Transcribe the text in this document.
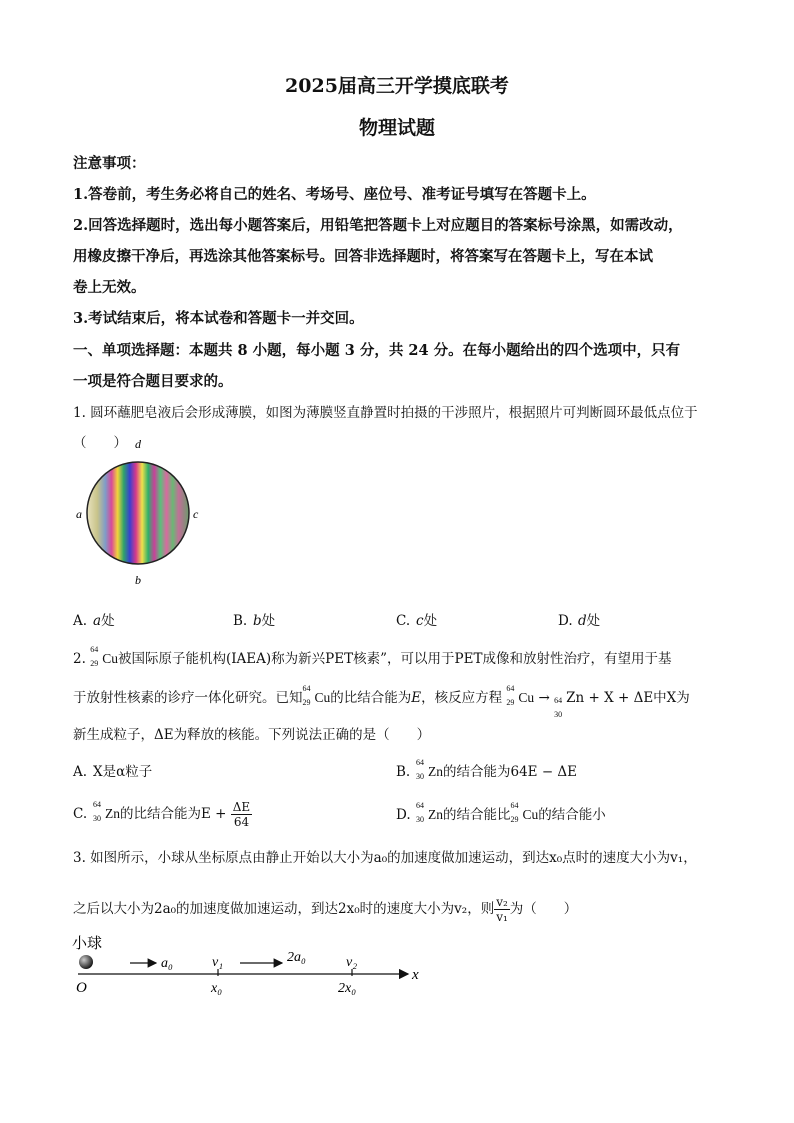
2025届高三开学摸底联考
物理试题
注意事项：
1.答卷前，考生务必将自己的姓名、考场号、座位号、准考证号填写在答题卡上。
2.回答选择题时，选出每小题答案后，用铅笔把答题卡上对应题目的答案标号涂黑，如需改动，
用橡皮擦干净后，再选涂其他答案标号。回答非选择题时，将答案写在答题卡上，写在本试
卷上无效。
3.考试结束后，将本试卷和答题卡一并交回。
一、单项选择题：本题共 8 小题，每小题 3 分，共 24 分。在每小题给出的四个选项中，只有
一项是符合题目要求的。
1. 圆环蘸肥皂液后会形成薄膜，如图为薄膜竖直静置时拍摄的干涉照片，根据照片可判断圆环最低点位于
（　　） d
a	c
b
A. a处	B. b处	C. c处	D. d处
2.
64
29 Cu被国际原子能机构(IAEA)称为新兴PET核素”，可以用于PET成像和放射性治疗，有望用于基
于放射性核素的诊疗一体化研究。已知
64
29 Cu的比结合能为E，核反应方程
64
29 Cu → 64
30
Zn + X + ΔE中X为
新生成粒子，ΔE为释放的核能。下列说法正确的是（　　）
A. X是α粒子	B.
64
30 Zn的结合能为64E − ΔE
C.
64
30 Zn的比结合能为$E + \frac{\Delta E}{64}$	D.
64
30 Zn的结合能比
64
29 Cu的结合能小
3. 如图所示，小球从坐标原点由静止开始以大小为a₀的加速度做加速运动，到达x₀点时的速度大小为v₁，
之后以大小为2a₀的加速度做加速运动，到达2x₀时的速度大小为v₂，则 $\frac{\text{v₂}}{\text{v₁}}$ 为（　　）
小球
x
O
a₀	v₁
x₀
2a₀	v₂
2x₀
